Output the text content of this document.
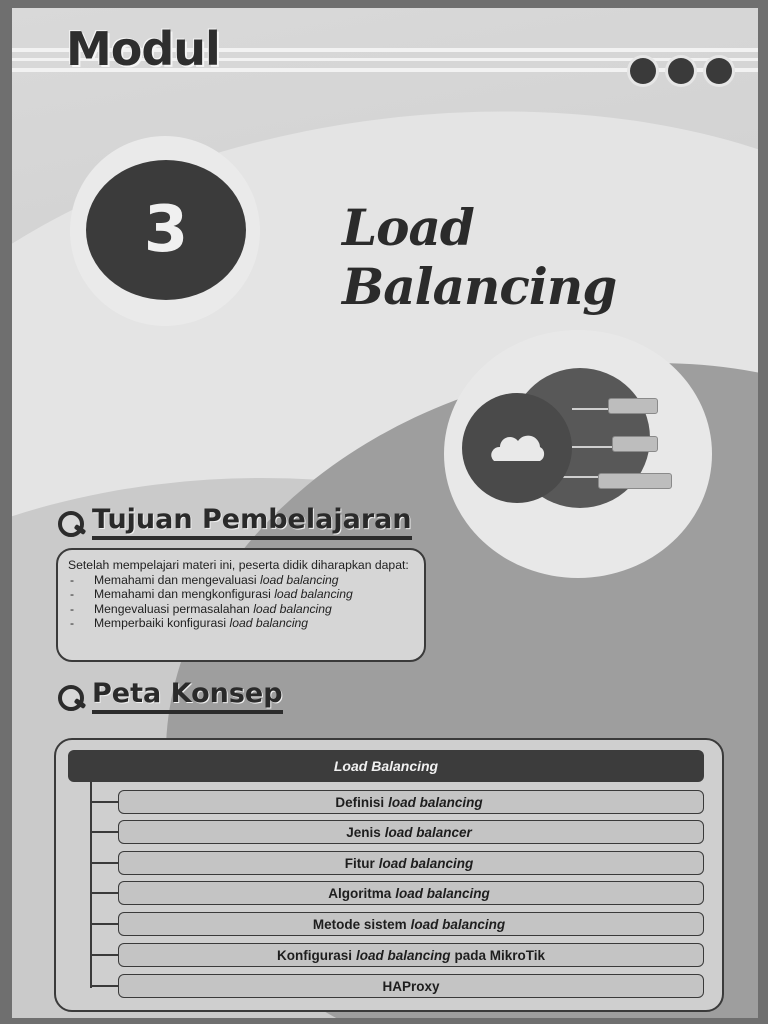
Modul
3	Load Balancing
Tujuan Pembelajaran
Setelah mempelajari materi ini, peserta didik diharapkan dapat:
- Memahami dan mengevaluasi load balancing
- Memahami dan mengkonfigurasi load balancing
- Mengevaluasi permasalahan load balancing
- Memperbaiki konfigurasi load balancing
Peta Konsep
Load Balancing
Definisi load balancing
Jenis load balancer
Fitur load balancing
Algoritma load balancing
Metode sistem load balancing
Konfigurasi load balancing pada MikroTik
HAProxy
